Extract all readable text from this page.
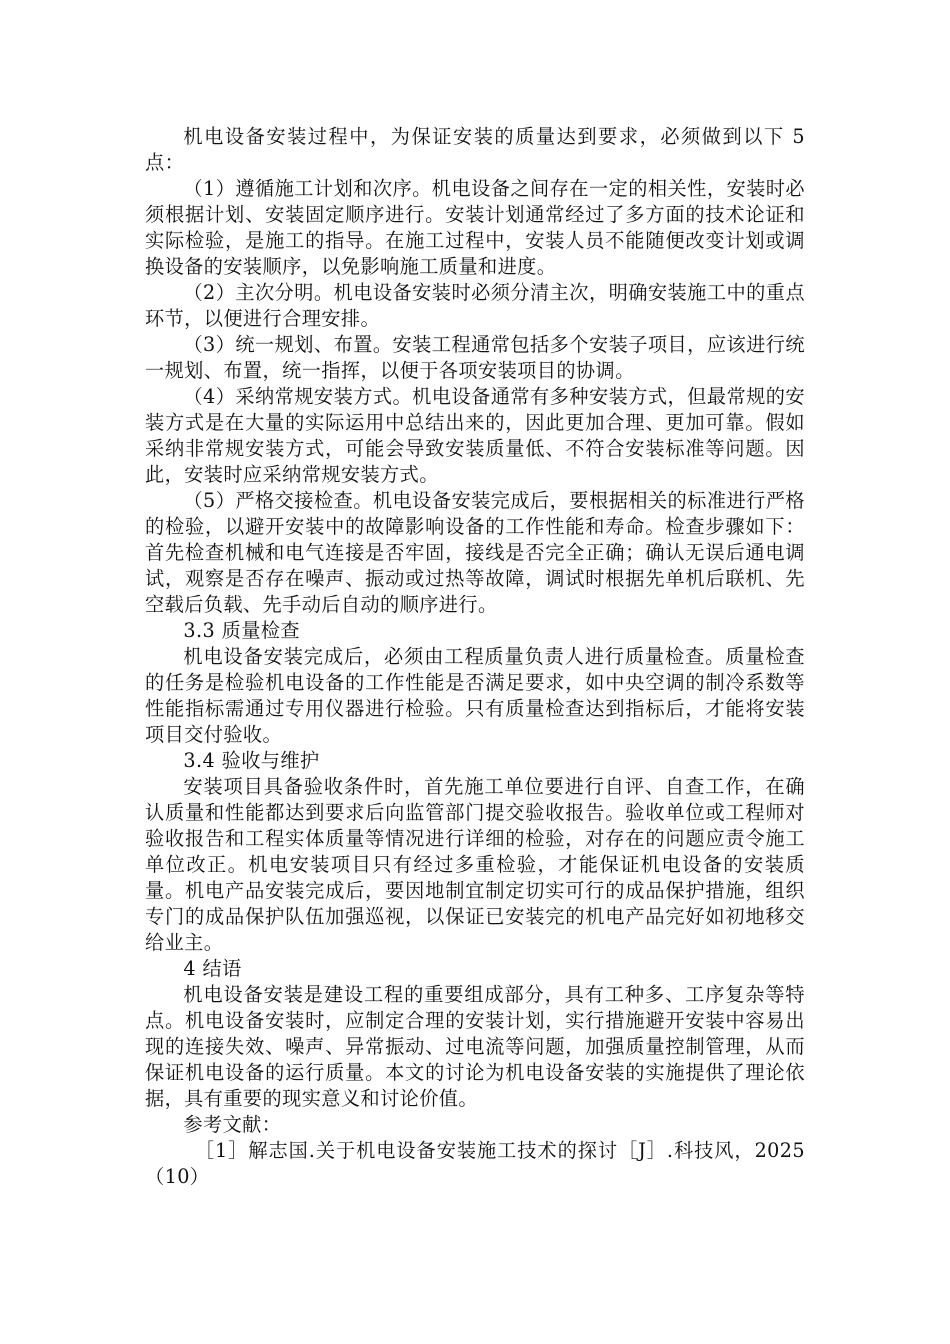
机电设备安装过程中，为保证安装的质量达到要求，必须做到以下 5 点：

（1）遵循施工计划和次序。机电设备之间存在一定的相关性，安装时必须根据计划、安装固定顺序进行。安装计划通常经过了多方面的技术论证和实际检验，是施工的指导。在施工过程中，安装人员不能随便改变计划或调换设备的安装顺序，以免影响施工质量和进度。

（2）主次分明。机电设备安装时必须分清主次，明确安装施工中的重点环节，以便进行合理安排。

（3）统一规划、布置。安装工程通常包括多个安装子项目，应该进行统一规划、布置，统一指挥，以便于各项安装项目的协调。

（4）采纳常规安装方式。机电设备通常有多种安装方式，但最常规的安装方式是在大量的实际运用中总结出来的，因此更加合理、更加可靠。假如采纳非常规安装方式，可能会导致安装质量低、不符合安装标准等问题。因此，安装时应采纳常规安装方式。

（5）严格交接检查。机电设备安装完成后，要根据相关的标准进行严格的检验，以避开安装中的故障影响设备的工作性能和寿命。检查步骤如下：首先检查机械和电气连接是否牢固，接线是否完全正确；确认无误后通电调试，观察是否存在噪声、振动或过热等故障，调试时根据先单机后联机、先空载后负载、先手动后自动的顺序进行。

3.3 质量检查

机电设备安装完成后，必须由工程质量负责人进行质量检查。质量检查的任务是检验机电设备的工作性能是否满足要求，如中央空调的制冷系数等性能指标需通过专用仪器进行检验。只有质量检查达到指标后，才能将安装项目交付验收。

3.4 验收与维护

安装项目具备验收条件时，首先施工单位要进行自评、自查工作，在确认质量和性能都达到要求后向监管部门提交验收报告。验收单位或工程师对验收报告和工程实体质量等情况进行详细的检验，对存在的问题应责令施工单位改正。机电安装项目只有经过多重检验，才能保证机电设备的安装质量。机电产品安装完成后，要因地制宜制定切实可行的成品保护措施，组织专门的成品保护队伍加强巡视，以保证已安装完的机电产品完好如初地移交给业主。

4 结语

机电设备安装是建设工程的重要组成部分，具有工种多、工序复杂等特点。机电设备安装时，应制定合理的安装计划，实行措施避开安装中容易出现的连接失效、噪声、异常振动、过电流等问题，加强质量控制管理，从而保证机电设备的运行质量。本文的讨论为机电设备安装的实施提供了理论依据，具有重要的现实意义和讨论价值。

参考文献：

［1］解志国.关于机电设备安装施工技术的探讨［J］.科技风，2025（10）
